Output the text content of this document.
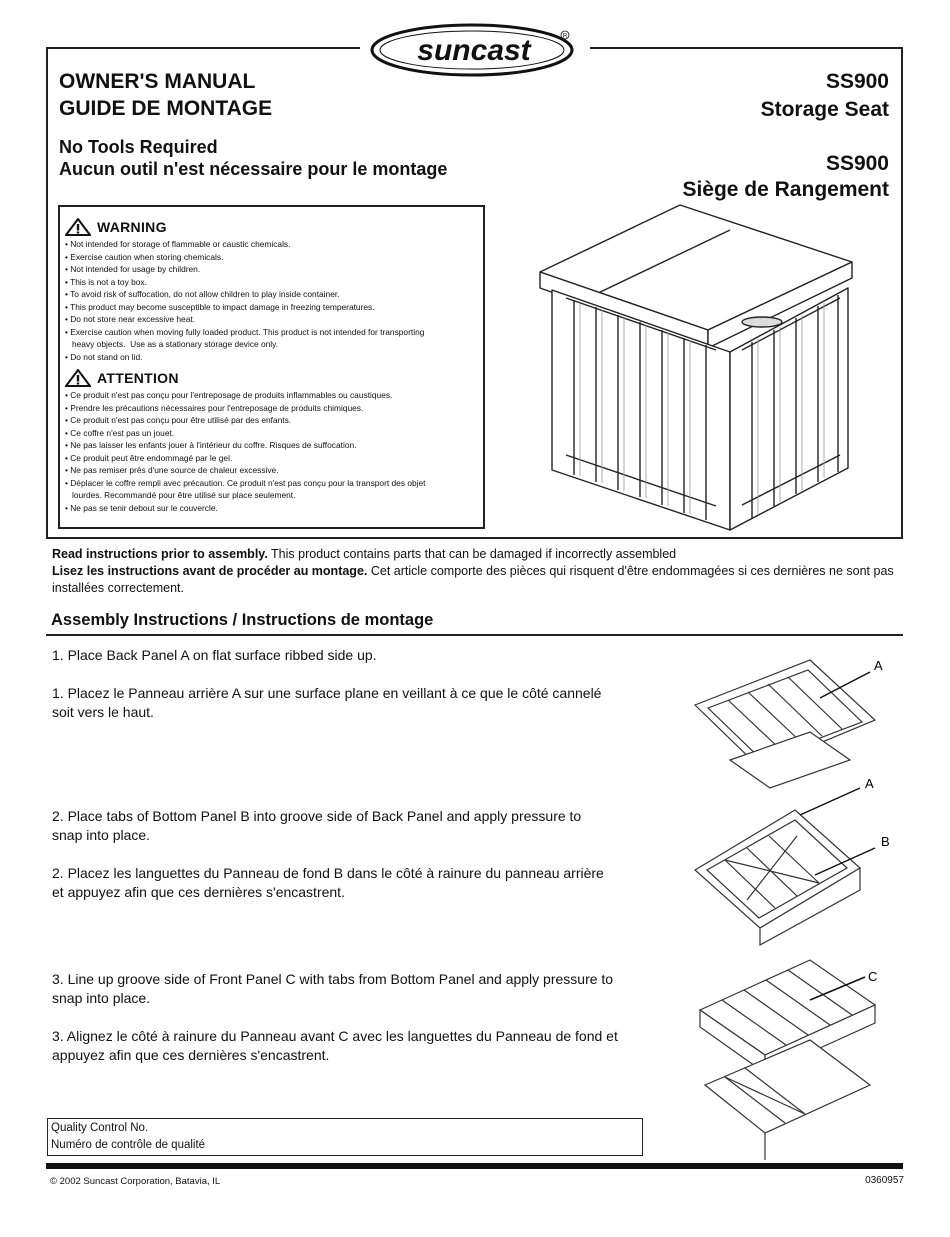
suncast	R
OWNER'S MANUAL
GUIDE DE MONTAGE
SS900
Storage Seat
No Tools Required
Aucun outil n'est nécessaire pour le montage	SS900
Siège de Rangement
WARNING
• Not intended for storage of flammable or caustic chemicals.
• Exercise caution when storing chemicals.
• Not intended for usage by children.
• This is not a toy box.
• To avoid risk of suffocation, do not allow children to play inside container.
• This product may become susceptible to impact damage in freezing temperatures.
• Do not store near excessive heat.
• Exercise caution when moving fully loaded product. This product is not intended for transporting
heavy objects.  Use as a stationary storage device only.
• Do not stand on lid.
ATTENTION
• Ce produit n'est pas conçu pour l'entreposage de produits inflammables ou caustiques.
• Prendre les précautions nécessaires pour l'entreposage de produits chimiques.
• Ce produit n'est pas conçu pour être utilisé par des enfants.
• Ce coffre n'est pas un jouet.
• Ne pas laisser les enfants jouer à l'intérieur du coffre. Risques de suffocation.
• Ce produit peut être endommagé par le gel.
• Ne pas remiser près d'une source de chaleur excessive.
• Déplacer le coffre rempli avec précaution. Ce produit n'est pas conçu pour la transport des objet
lourdes. Recommandé pour être utilisé sur place seulement.
• Ne pas se tenir debout sur le couvercle.
Read instructions prior to assembly. This product contains parts that can be damaged if incorrectly assembled
Lisez les instructions avant de procéder au montage. Cet article comporte des pièces qui risquent d'être endommagées si ces dernières ne sont pas installées correctement.
Assembly Instructions / Instructions de montage
1. Place Back Panel A on flat surface ribbed side up.
1. Placez le Panneau arrière A sur une surface plane en veillant à ce que le côté cannelé soit vers le haut.
2. Place tabs of Bottom Panel B into groove side of Back Panel and apply pressure to snap into place.
2. Placez les languettes du Panneau de fond B dans le côté à rainure du panneau arrière et appuyez afin que ces dernières s'encastrent.
3. Line up groove side of Front Panel C with tabs from Bottom Panel and apply pressure to snap into place.
3. Alignez le côté à rainure du Panneau avant C avec les languettes du Panneau de fond et appuyez afin que ces dernières s'encastrent.
A
A
B
C
Quality Control No.
Numéro de contrôle de qualité
© 2002 Suncast Corporation, Batavia, IL	0360957
